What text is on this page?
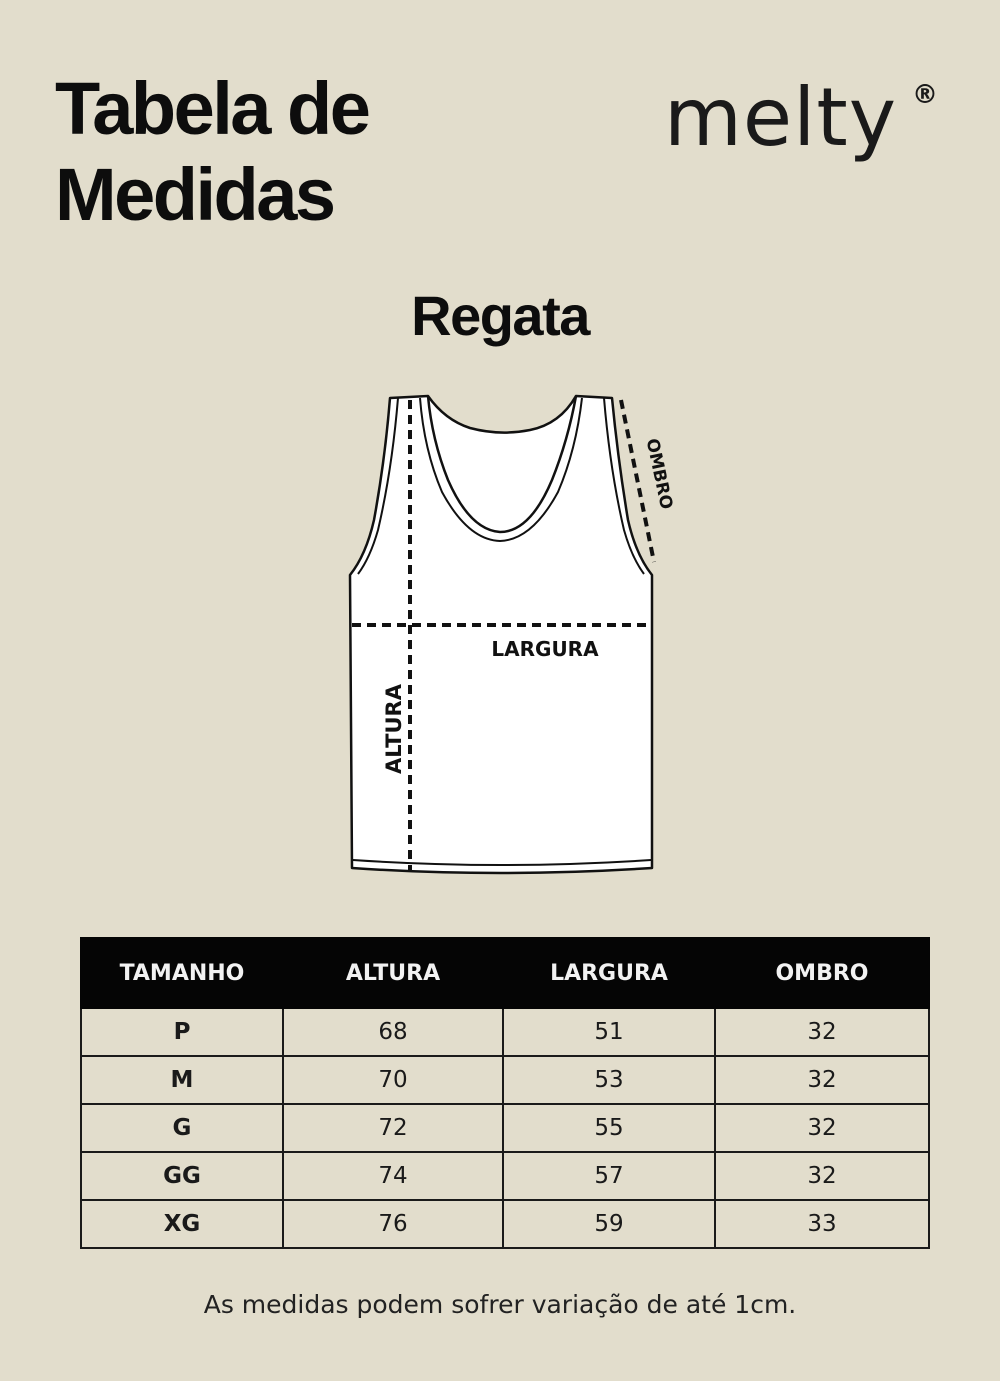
Tabela de
Medidas
melty ®
Regata
LARGURA
ALTURA
OMBRO
TAMANHO	ALTURA	LARGURA	OMBRO
P	68	51	32
M	70	53	32
G	72	55	32
GG	74	57	32
XG	76	59	33

As medidas podem sofrer variação de até 1cm.
